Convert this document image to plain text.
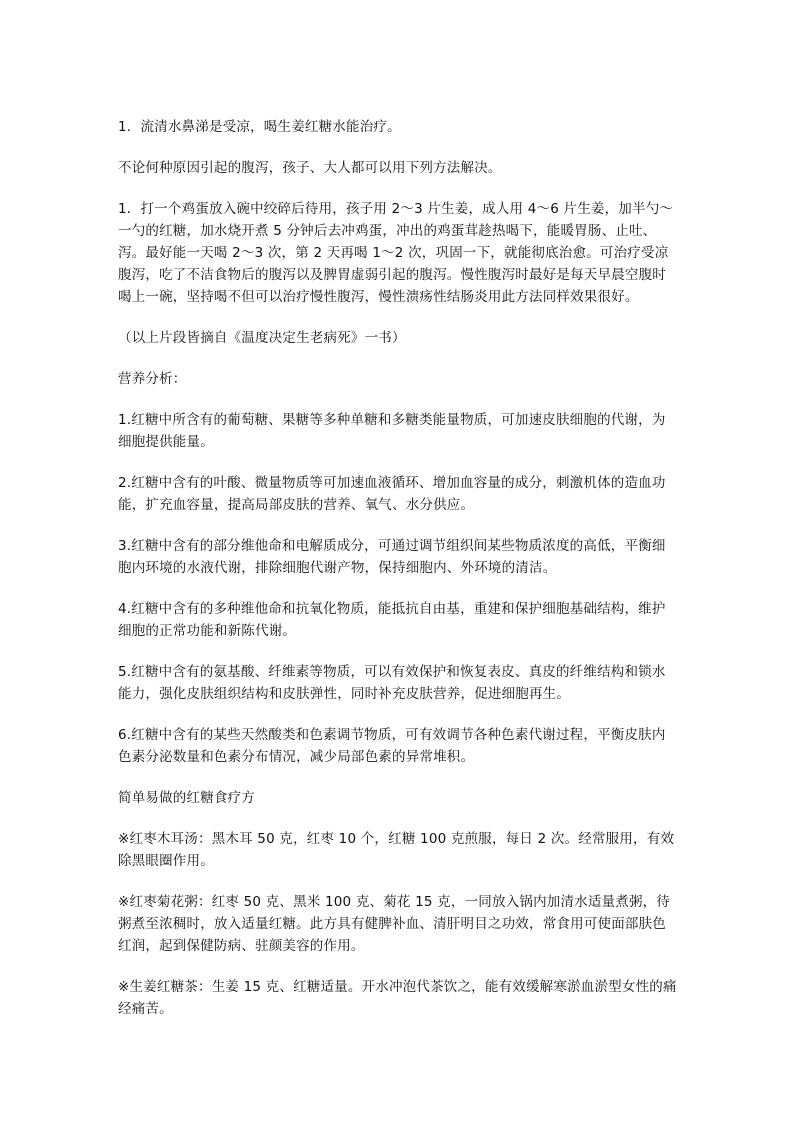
1．流清水鼻涕是受凉，喝生姜红糖水能治疗。

不论何种原因引起的腹泻，孩子、大人都可以用下列方法解决。

1．打一个鸡蛋放入碗中绞碎后待用，孩子用 2～3 片生姜，成人用 4～6 片生姜，加半勺～一勺的红糖，加水烧开煮 5 分钟后去冲鸡蛋，冲出的鸡蛋茸趁热喝下，能暖胃肠、止吐、泻。最好能一天喝 2～3 次，第 2 天再喝 1～2 次，巩固一下，就能彻底治愈。可治疗受凉腹泻，吃了不洁食物后的腹泻以及脾胃虚弱引起的腹泻。慢性腹泻时最好是每天早晨空腹时喝上一碗，坚持喝不但可以治疗慢性腹泻，慢性溃疡性结肠炎用此方法同样效果很好。

（以上片段皆摘自《温度决定生老病死》一书）

营养分析：

1.红糖中所含有的葡萄糖、果糖等多种单糖和多糖类能量物质，可加速皮肤细胞的代谢，为细胞提供能量。

2.红糖中含有的叶酸、微量物质等可加速血液循环、增加血容量的成分，刺激机体的造血功能，扩充血容量，提高局部皮肤的营养、氧气、水分供应。

3.红糖中含有的部分维他命和电解质成分，可通过调节组织间某些物质浓度的高低，平衡细胞内环境的水液代谢，排除细胞代谢产物，保持细胞内、外环境的清洁。

4.红糖中含有的多种维他命和抗氧化物质，能抵抗自由基，重建和保护细胞基础结构，维护细胞的正常功能和新陈代谢。

5.红糖中含有的氨基酸、纤维素等物质，可以有效保护和恢复表皮、真皮的纤维结构和锁水能力，强化皮肤组织结构和皮肤弹性，同时补充皮肤营养，促进细胞再生。

6.红糖中含有的某些天然酸类和色素调节物质，可有效调节各种色素代谢过程，平衡皮肤内色素分泌数量和色素分布情况，减少局部色素的异常堆积。

简单易做的红糖食疗方

※红枣木耳汤：黑木耳 50 克，红枣 10 个，红糖 100 克煎服，每日 2 次。经常服用，有效除黑眼圈作用。

※红枣菊花粥：红枣 50 克、黑米 100 克、菊花 15 克，一同放入锅内加清水适量煮粥，待粥煮至浓稠时，放入适量红糖。此方具有健脾补血、清肝明目之功效，常食用可使面部肤色红润，起到保健防病、驻颜美容的作用。

※生姜红糖茶：生姜 15 克、红糖适量。开水冲泡代茶饮之，能有效缓解寒淤血淤型女性的痛经痛苦。
